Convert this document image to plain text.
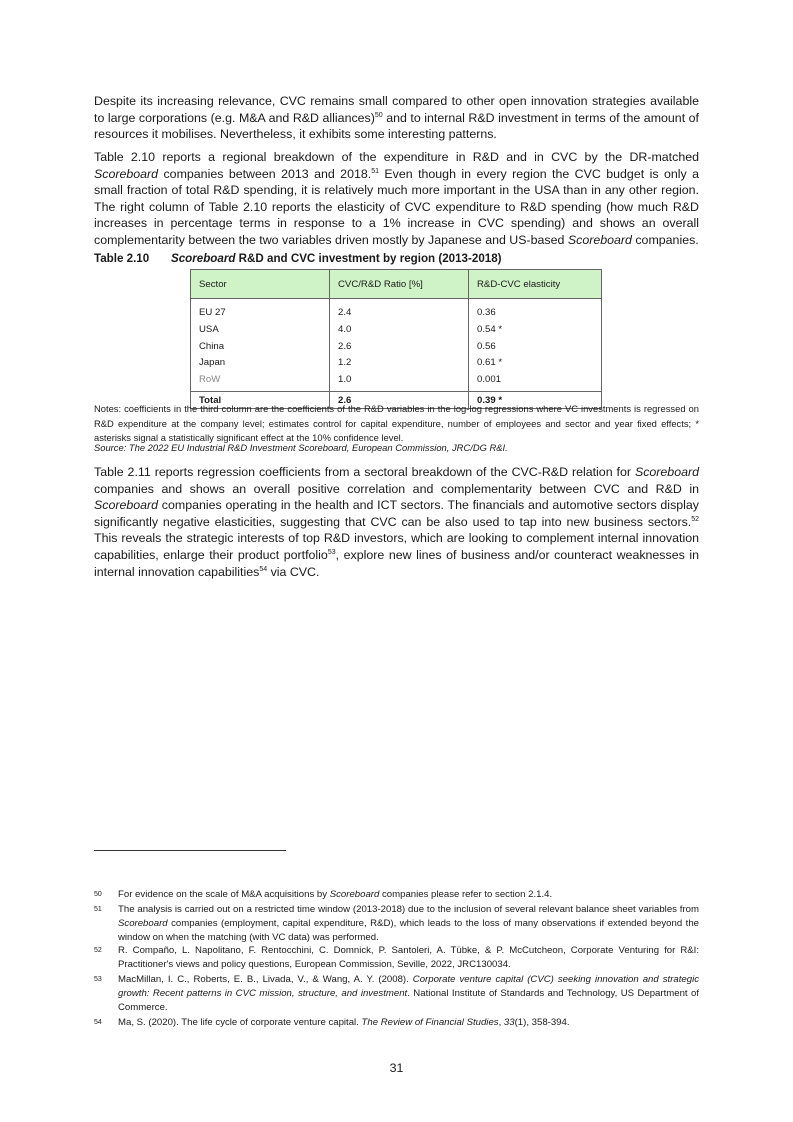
Despite its increasing relevance, CVC remains small compared to other open innovation strategies available to large corporations (e.g. M&A and R&D alliances)$^{50}$ and to internal R&D investment in terms of the amount of resources it mobilises. Nevertheless, it exhibits some interesting patterns.

Table 2.10 reports a regional breakdown of the expenditure in R&D and in CVC by the DR-matched Scoreboard companies between 2013 and 2018.51 Even though in every region the CVC budget is only a small fraction of total R&D spending, it is relatively much more important in the USA than in any other region. The right column of Table 2.10 reports the elasticity of CVC expenditure to R&D spending (how much R&D increases in percentage terms in response to a 1% increase in CVC spending) and shows an overall complementarity between the two variables driven mostly by Japanese and US-based Scoreboard companies.

Table 2.10 Scoreboard R&D and CVC investment by region (2013-2018)
Sector	CVC/R&D Ratio [%]	R&D-CVC elasticity
EU 27	2.4	0.36
USA	4.0	0.54 *
China	2.6	0.56
Japan	1.2	0.61 *
RoW	1.0	0.001
Total	2.6	0.39 *

Notes: coefficients in the third column are the coefficients of the R&D variables in the log-log regressions where VC investments is regressed on R&D expenditure at the company level; estimates control for capital expenditure, number of employees and sector and year fixed effects; * asterisks signal a statistically significant effect at the 10% confidence level.

Source: The 2022 EU Industrial R&D Investment Scoreboard, European Commission, JRC/DG R&I.

Table 2.11 reports regression coefficients from a sectoral breakdown of the CVC-R&D relation for Scoreboard companies and shows an overall positive correlation and complementarity between CVC and R&D in Scoreboard companies operating in the health and ICT sectors. The financials and automotive sectors display significantly negative elasticities, suggesting that CVC can be also used to tap into new business sectors.$^{52}$ This reveals the strategic interests of top R&D investors, which are looking to complement internal innovation capabilities, enlarge their product portfolio$^{53}$, explore new lines of business and/or counteract weaknesses in internal innovation capabilities$^{54}$ via CVC.

50 For evidence on the scale of M&A acquisitions by Scoreboard companies please refer to section 2.1.4.
51 The analysis is carried out on a restricted time window (2013-2018) due to the inclusion of several relevant balance sheet variables from Scoreboard companies (employment, capital expenditure, R&D), which leads to the loss of many observations if extended beyond the window on when the matching (with VC data) was performed.
52 R. Compaño, L. Napolitano, F. Rentocchini, C. Domnick, P. Santoleri, A. Tübke, & P. McCutcheon, Corporate Venturing for R&I: Practitioner's views and policy questions, European Commission, Seville, 2022, JRC130034.
53 MacMillan, I. C., Roberts, E. B., Livada, V., & Wang, A. Y. (2008). Corporate venture capital (CVC) seeking innovation and strategic growth: Recent patterns in CVC mission, structure, and investment. National Institute of Standards and Technology, US Department of Commerce.
54 Ma, S. (2020). The life cycle of corporate venture capital. The Review of Financial Studies, 33(1), 358-394.
31
